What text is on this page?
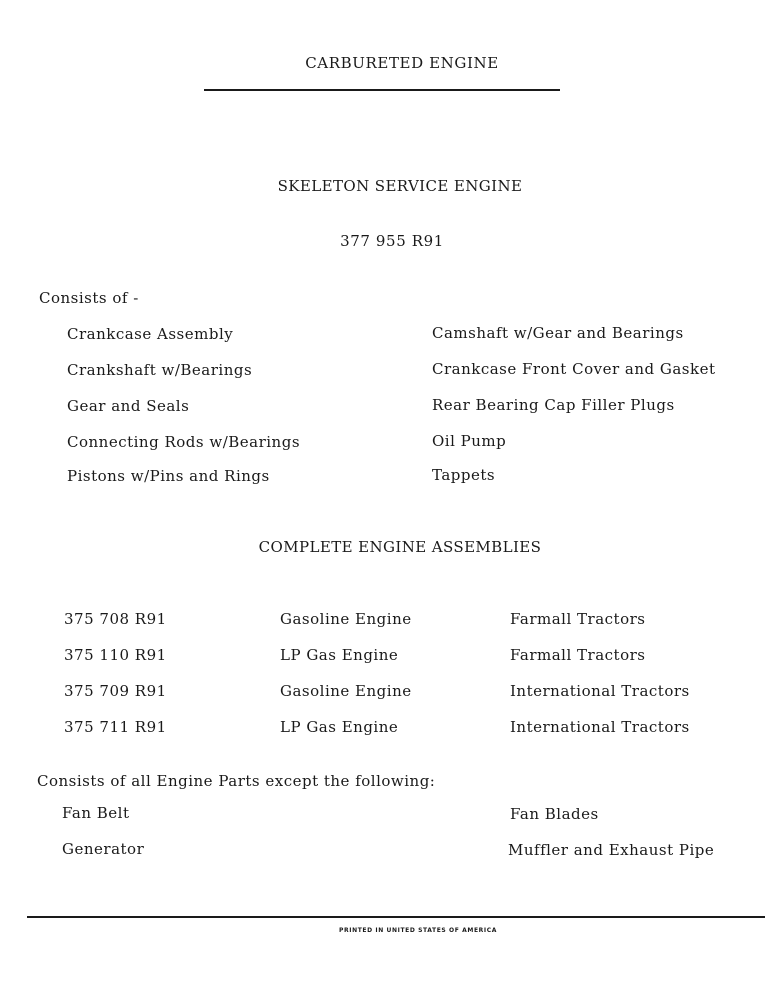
CARBURETED ENGINE
SKELETON SERVICE ENGINE
377 955 R91
Consists of -
Crankcase Assembly
Crankshaft w/Bearings
Gear and Seals
Connecting Rods w/Bearings
Pistons w/Pins and Rings
Camshaft w/Gear and Bearings
Crankcase Front Cover and Gasket
Rear Bearing Cap Filler Plugs
Oil Pump
Tappets
COMPLETE ENGINE ASSEMBLIES
375 708 R91	Gasoline Engine	Farmall Tractors
375 110 R91	LP Gas Engine	Farmall Tractors
375 709 R91	Gasoline Engine	International Tractors
375 711 R91	LP Gas Engine	International Tractors
Consists of all Engine Parts except the following:
Fan Belt
Generator
Fan Blades
Muffler and Exhaust Pipe
PRINTED IN UNITED STATES OF AMERICA
